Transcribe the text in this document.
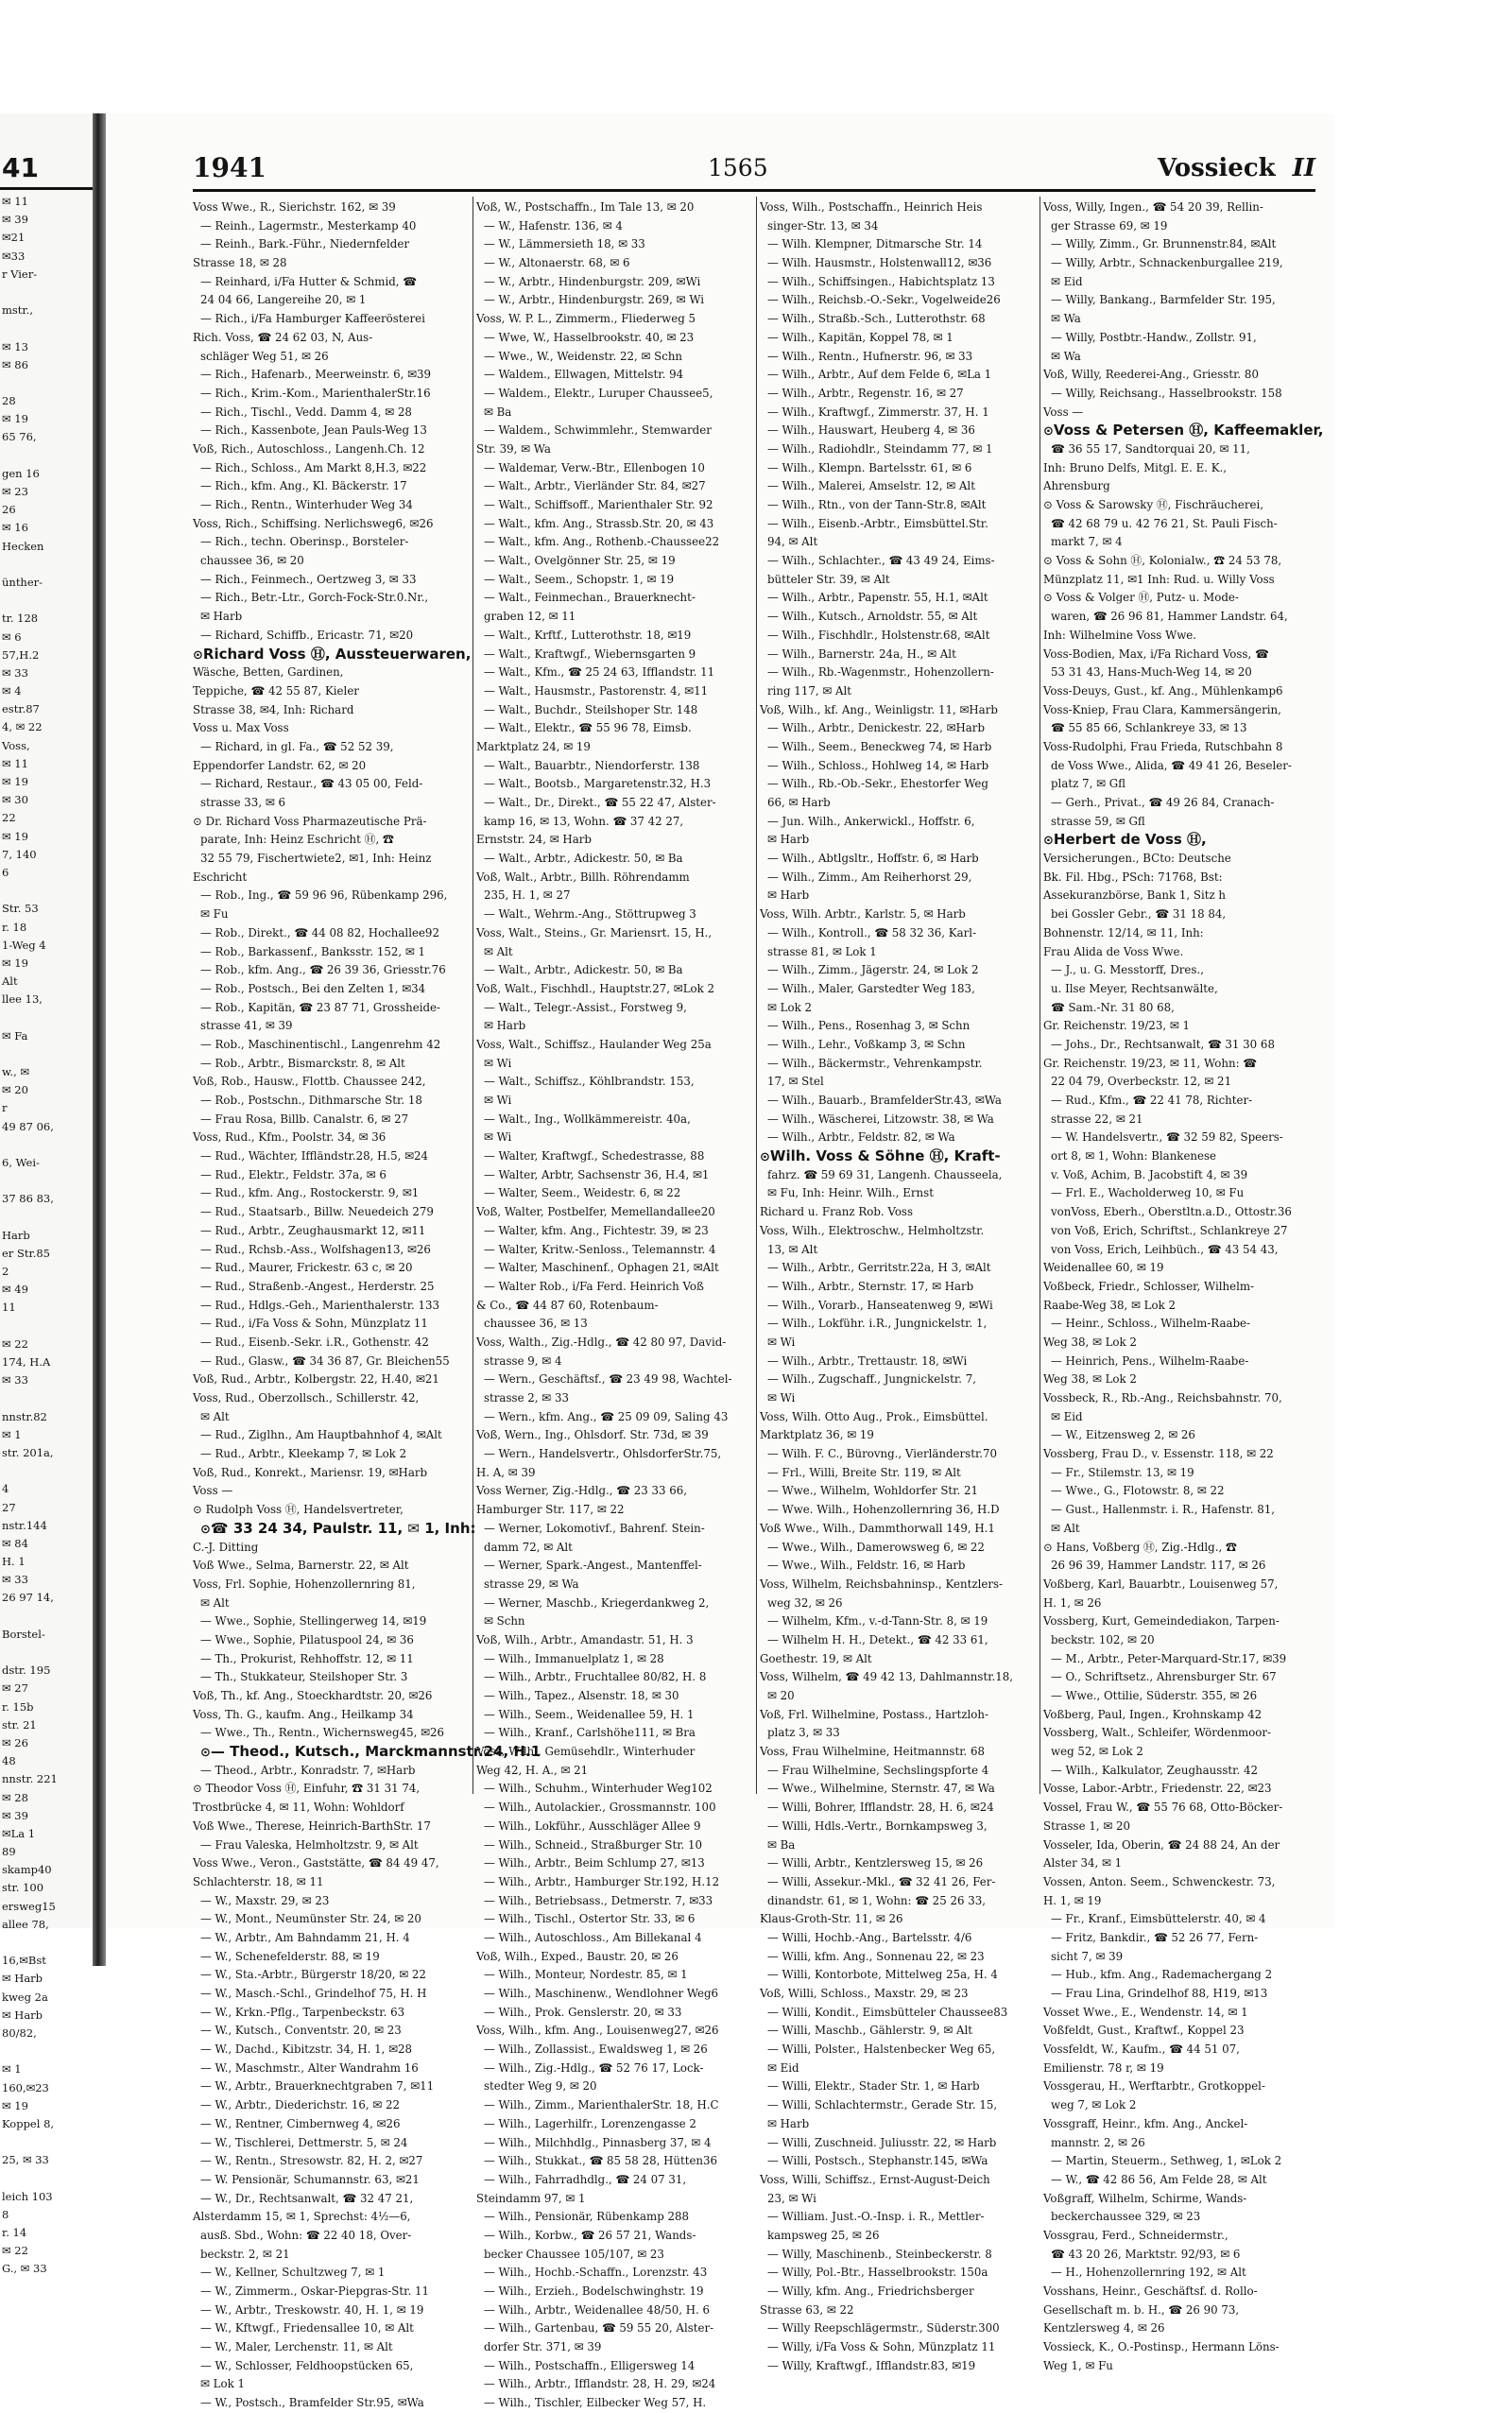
41
✉ 11
✉ 39
✉21
✉33
r Vier-
mstr.,
✉ 13
✉ 86
28
✉ 19
65 76,
gen 16
✉ 23
26
✉ 16
Hecken
ünther-
tr. 128
✉ 6
57,H.2
✉ 33
✉ 4
estr.87
4, ✉ 22
Voss,
✉ 11
✉ 19
✉ 30
22
✉ 19
7, 140
6
Str. 53
r. 18
1-Weg 4
✉ 19
Alt
llee 13,
✉ Fa
w., ✉
✉ 20
r
49 87 06,
6, Wei-
37 86 83,
Harb
er Str.85
2
✉ 49
11
✉ 22
174, H.A
✉ 33
nnstr.82
✉ 1
str. 201a,
4
27
nstr.144
✉ 84
H. 1
✉ 33
26 97 14,
Borstel-
dstr. 195
✉ 27
r. 15b
str. 21
✉ 26
48
nnstr. 221
✉ 28
✉ 39
✉La 1
89
skamp40
str. 100
ersweg15
allee 78,
16,✉Bst
✉ Harb
kweg 2a
✉ Harb
80/82,
✉ 1
160,✉23
✉ 19
Koppel 8,
25, ✉ 33
leich 103
8
r. 14
✉ 22
G., ✉ 33
1941	1565	Vossieck II
Voss Wwe., R., Sierichstr. 162, ✉ 39
— Reinh., Lagermstr., Mesterkamp 40
— Reinh., Bark.-Führ., Niedernfelder
Strasse 18, ✉ 28
— Reinhard, i/Fa Hutter & Schmid, ☎
24 04 66, Langereihe 20, ✉ 1
— Rich., i/Fa Hamburger Kaffeerösterei
Rich. Voss, ☎ 24 62 03, N, Aus-
schläger Weg 51, ✉ 26
— Rich., Hafenarb., Meerweinstr. 6, ✉39
— Rich., Krim.-Kom., MarienthalerStr.16
— Rich., Tischl., Vedd. Damm 4, ✉ 28
— Rich., Kassenbote, Jean Pauls-Weg 13
Voß, Rich., Autoschloss., Langenh.Ch. 12
— Rich., Schloss., Am Markt 8,H.3, ✉22
— Rich., kfm. Ang., Kl. Bäckerstr. 17
— Rich., Rentn., Winterhuder Weg 34
Voss, Rich., Schiffsing. Nerlichsweg6, ✉26
— Rich., techn. Oberinsp., Borsteler-
chaussee 36, ✉ 20
— Rich., Feinmech., Oertzweg 3, ✉ 33
— Rich., Betr.-Ltr., Gorch-Fock-Str.0.Nr.,
✉ Harb
— Richard, Schiffb., Ericastr. 71, ✉20
⊙ Richard Voss Ⓗ, Aussteuerwaren,
Wäsche, Betten, Gardinen,
Teppiche, ☎ 42 55 87, Kieler
Strasse 38, ✉4, Inh: Richard
Voss u. Max Voss
— Richard, in gl. Fa., ☎ 52 52 39,
Eppendorfer Landstr. 62, ✉ 20
— Richard, Restaur., ☎ 43 05 00, Feld-
strasse 33, ✉ 6
⊙ Dr. Richard Voss Pharmazeutische Prä-
parate, Inh: Heinz Eschricht Ⓗ, ☎
32 55 79, Fischertwiete2, ✉1, Inh: Heinz
Eschricht
— Rob., Ing., ☎ 59 96 96, Rübenkamp 296,
✉ Fu
— Rob., Direkt., ☎ 44 08 82, Hochallee92
— Rob., Barkassenf., Banksstr. 152, ✉ 1
— Rob., kfm. Ang., ☎ 26 39 36, Griesstr.76
— Rob., Postsch., Bei den Zelten 1, ✉34
— Rob., Kapitän, ☎ 23 87 71, Grossheide-
strasse 41, ✉ 39
— Rob., Maschinentischl., Langenrehm 42
— Rob., Arbtr., Bismarckstr. 8, ✉ Alt
Voß, Rob., Hausw., Flottb. Chaussee 242,
— Rob., Postschn., Dithmarsche Str. 18
— Frau Rosa, Billb. Canalstr. 6, ✉ 27
Voss, Rud., Kfm., Poolstr. 34, ✉ 36
— Rud., Wächter, Iffländstr.28, H.5, ✉24
— Rud., Elektr., Feldstr. 37a, ✉ 6
— Rud., kfm. Ang., Rostockerstr. 9, ✉1
— Rud., Staatsarb., Billw. Neuedeich 279
— Rud., Arbtr., Zeughausmarkt 12, ✉11
— Rud., Rchsb.-Ass., Wolfshagen13, ✉26
— Rud., Maurer, Frickestr. 63 c, ✉ 20
— Rud., Straßenb.-Angest., Herderstr. 25
— Rud., Hdlgs.-Geh., Marienthalerstr. 133
— Rud., i/Fa Voss & Sohn, Münzplatz 11
— Rud., Eisenb.-Sekr. i.R., Gothenstr. 42
— Rud., Glasw., ☎ 34 36 87, Gr. Bleichen55
Voß, Rud., Arbtr., Kolbergstr. 22, H.40, ✉21
Voss, Rud., Oberzollsch., Schillerstr. 42,
✉ Alt
— Rud., Ziglhn., Am Hauptbahnhof 4, ✉Alt
— Rud., Arbtr., Kleekamp 7, ✉ Lok 2
Voß, Rud., Konrekt., Mariensr. 19, ✉Harb
Voss —
⊙ Rudolph Voss Ⓗ, Handelsvertreter,
⊙ ☎ 33 24 34, Paulstr. 11, ✉ 1, Inh:
C.-J. Ditting
Voß Wwe., Selma, Barnerstr. 22, ✉ Alt
Voss, Frl. Sophie, Hohenzollernring 81,
✉ Alt
— Wwe., Sophie, Stellingerweg 14, ✉19
— Wwe., Sophie, Pilatuspool 24, ✉ 36
— Th., Prokurist, Rehhoffstr. 12, ✉ 11
— Th., Stukkateur, Steilshoper Str. 3
Voß, Th., kf. Ang., Stoeckhardtstr. 20, ✉26
Voss, Th. G., kaufm. Ang., Heilkamp 34
— Wwe., Th., Rentn., Wichernsweg45, ✉26
⊙ — Theod., Kutsch., Marckmannstr.24, H.1
— Theod., Arbtr., Konradstr. 7, ✉Harb
⊙ Theodor Voss Ⓗ, Einfuhr, ☎ 31 31 74,
Trostbrücke 4, ✉ 11, Wohn: Wohldorf
Voß Wwe., Therese, Heinrich-BarthStr. 17
— Frau Valeska, Helmholtzstr. 9, ✉ Alt
Voss Wwe., Veron., Gaststätte, ☎ 84 49 47,
Schlachterstr. 18, ✉ 11
— W., Maxstr. 29, ✉ 23
— W., Mont., Neumünster Str. 24, ✉ 20
— W., Arbtr., Am Bahndamm 21, H. 4
— W., Schenefelderstr. 88, ✉ 19
— W., Sta.-Arbtr., Bürgerstr 18/20, ✉ 22
— W., Masch.-Schl., Grindelhof 75, H. H
— W., Krkn.-Pflg., Tarpenbeckstr. 63
— W., Kutsch., Conventstr. 20, ✉ 23
— W., Dachd., Kibitzstr. 34, H. 1, ✉28
— W., Maschmstr., Alter Wandrahm 16
— W., Arbtr., Brauerknechtgraben 7, ✉11
— W., Arbtr., Diederichstr. 16, ✉ 22
— W., Rentner, Cimbernweg 4, ✉26
— W., Tischlerei, Dettmerstr. 5, ✉ 24
— W., Rentn., Stresowstr. 82, H. 2, ✉27
— W. Pensionär, Schumannstr. 63, ✉21
— W., Dr., Rechtsanwalt, ☎ 32 47 21,
Alsterdamm 15, ✉ 1, Sprechst: 4½—6,
ausß. Sbd., Wohn: ☎ 22 40 18, Over-
beckstr. 2, ✉ 21
— W., Kellner, Schultzweg 7, ✉ 1
— W., Zimmerm., Oskar-Piepgras-Str. 11
— W., Arbtr., Treskowstr. 40, H. 1, ✉ 19
— W., Kftwgf., Friedensallee 10, ✉ Alt
— W., Maler, Lerchenstr. 11, ✉ Alt
— W., Schlosser, Feldhoopstücken 65,
✉ Lok 1
— W., Postsch., Bramfelder Str.95, ✉Wa
Voß, W., Postschaffn., Im Tale 13, ✉ 20
— W., Hafenstr. 136, ✉ 4
— W., Lämmersieth 18, ✉ 33
— W., Altonaerstr. 68, ✉ 6
— W., Arbtr., Hindenburgstr. 209, ✉Wi
— W., Arbtr., Hindenburgstr. 269, ✉ Wi
Voss, W. P. L., Zimmerm., Fliederweg 5
— Wwe, W., Hasselbrookstr. 40, ✉ 23
— Wwe., W., Weidenstr. 22, ✉ Schn
— Waldem., Ellwagen, Mittelstr. 94
— Waldem., Elektr., Luruper Chaussee5,
✉ Ba
— Waldem., Schwimmlehr., Stemwarder
Str. 39, ✉ Wa
— Waldemar, Verw.-Btr., Ellenbogen 10
— Walt., Arbtr., Vierländer Str. 84, ✉27
— Walt., Schiffsoff., Marienthaler Str. 92
— Walt., kfm. Ang., Strassb.Str. 20, ✉ 43
— Walt., kfm. Ang., Rothenb.-Chaussee22
— Walt., Ovelgönner Str. 25, ✉ 19
— Walt., Seem., Schopstr. 1, ✉ 19
— Walt., Feinmechan., Brauerknecht-
graben 12, ✉ 11
— Walt., Krftf., Lutterothstr. 18, ✉19
— Walt., Kraftwgf., Wiebernsgarten 9
— Walt., Kfm., ☎ 25 24 63, Ifflandstr. 11
— Walt., Hausmstr., Pastorenstr. 4, ✉11
— Walt., Buchdr., Steilshoper Str. 148
— Walt., Elektr., ☎ 55 96 78, Eimsb.
Marktplatz 24, ✉ 19
— Walt., Bauarbtr., Niendorferstr. 138
— Walt., Bootsb., Margaretenstr.32, H.3
— Walt., Dr., Direkt., ☎ 55 22 47, Alster-
kamp 16, ✉ 13, Wohn. ☎ 37 42 27,
Ernststr. 24, ✉ Harb
— Walt., Arbtr., Adickestr. 50, ✉ Ba
Voß, Walt., Arbtr., Billh. Röhrendamm
235, H. 1, ✉ 27
— Walt., Wehrm.-Ang., Stöttrupweg 3
Voss, Walt., Steins., Gr. Mariensrt. 15, H.,
✉ Alt
— Walt., Arbtr., Adickestr. 50, ✉ Ba
Voß, Walt., Fischhdl., Hauptstr.27, ✉Lok 2
— Walt., Telegr.-Assist., Forstweg 9,
✉ Harb
Voss, Walt., Schiffsz., Haulander Weg 25a
✉ Wi
— Walt., Schiffsz., Köhlbrandstr. 153,
✉ Wi
— Walt., Ing., Wollkämmereistr. 40a,
✉ Wi
— Walter, Kraftwgf., Schedestrasse, 88
— Walter, Arbtr, Sachsenstr 36, H.4, ✉1
— Walter, Seem., Weidestr. 6, ✉ 22
Voß, Walter, Postbelfer, Memellandallee20
— Walter, kfm. Ang., Fichtestr. 39, ✉ 23
— Walter, Kritw.-Senloss., Telemannstr. 4
— Walter, Maschinenf., Ophagen 21, ✉Alt
— Walter Rob., i/Fa Ferd. Heinrich Voß
& Co., ☎ 44 87 60, Rotenbaum-
chaussee 36, ✉ 13
Voss, Walth., Zig.-Hdlg., ☎ 42 80 97, David-
strasse 9, ✉ 4
— Wern., Geschäftsf., ☎ 23 49 98, Wachtel-
strasse 2, ✉ 33
— Wern., kfm. Ang., ☎ 25 09 09, Saling 43
Voß, Wern., Ing., Ohlsdorf. Str. 73d, ✉ 39
— Wern., Handelsvertr., OhlsdorferStr.75,
H. A, ✉ 39
Voss Werner, Zig.-Hdlg., ☎ 23 33 66,
Hamburger Str. 117, ✉ 22
— Werner, Lokomotivf., Bahrenf. Stein-
damm 72, ✉ Alt
— Werner, Spark.-Angest., Mantenffel-
strasse 29, ✉ Wa
— Werner, Maschb., Kriegerdankweg 2,
✉ Schn
Voß, Wilh., Arbtr., Amandastr. 51, H. 3
— Wilh., Immanuelplatz 1, ✉ 28
— Wilh., Arbtr., Fruchtallee 80/82, H. 8
— Wilh., Tapez., Alsenstr. 18, ✉ 30
— Wilh., Seem., Weidenallee 59, H. 1
— Wilh., Kranf., Carlshöhe111, ✉ Bra
Voss, Wilh., Gemüsehdlr., Winterhuder
Weg 42, H. A., ✉ 21
— Wilh., Schuhm., Winterhuder Weg102
— Wilh., Autolackier., Grossmannstr. 100
— Wilh., Lokführ., Ausschläger Allee 9
— Wilh., Schneid., Straßburger Str. 10
— Wilh., Arbtr., Beim Schlump 27, ✉13
— Wilh., Arbtr., Hamburger Str.192, H.12
— Wilh., Betriebsass., Detmerstr. 7, ✉33
— Wilh., Tischl., Ostertor Str. 33, ✉ 6
— Wilh., Autoschloss., Am Billekanal 4
Voß, Wilh., Exped., Baustr. 20, ✉ 26
— Wilh., Monteur, Nordestr. 85, ✉ 1
— Wilh., Maschinenw., Wendlohner Weg6
— Wilh., Prok. Genslerstr. 20, ✉ 33
Voss, Wilh., kfm. Ang., Louisenweg27, ✉26
— Wilh., Zollassist., Ewaldsweg 1, ✉ 26
— Wilh., Zig.-Hdlg., ☎ 52 76 17, Lock-
stedter Weg 9, ✉ 20
— Wilh., Zimm., MarienthalerStr. 18, H.C
— Wilh., Lagerhilfr., Lorenzengasse 2
— Wilh., Milchhdlg., Pinnasberg 37, ✉ 4
— Wilh., Stukkat., ☎ 85 58 28, Hütten36
— Wilh., Fahrradhdlg., ☎ 24 07 31,
Steindamm 97, ✉ 1
— Wilh., Pensionär, Rübenkamp 288
— Wilh., Korbw., ☎ 26 57 21, Wands-
becker Chaussee 105/107, ✉ 23
— Wilh., Hochb.-Schaffn., Lorenzstr. 43
— Wilh., Erzieh., Bodelschwinghstr. 19
— Wilh., Arbtr., Weidenallee 48/50, H. 6
— Wilh., Gartenbau, ☎ 59 55 20, Alster-
dorfer Str. 371, ✉ 39
— Wilh., Postschaffn., Elligersweg 14
— Wilh., Arbtr., Ifflandstr. 28, H. 29, ✉24
— Wilh., Tischler, Eilbecker Weg 57, H.
Voss, Wilh., Postschaffn., Heinrich Heis
singer-Str. 13, ✉ 34
— Wilh. Klempner, Ditmarsche Str. 14
— Wilh. Hausmstr., Holstenwall12, ✉36
— Wilh., Schiffsingen., Habichtsplatz 13
— Wilh., Reichsb.-O.-Sekr., Vogelweide26
— Wilh., Straßb.-Sch., Lutterothstr. 68
— Wilh., Kapitän, Koppel 78, ✉ 1
— Wilh., Rentn., Hufnerstr. 96, ✉ 33
— Wilh., Arbtr., Auf dem Felde 6, ✉La 1
— Wilh., Arbtr., Regenstr. 16, ✉ 27
— Wilh., Kraftwgf., Zimmerstr. 37, H. 1
— Wilh., Hauswart, Heuberg 4, ✉ 36
— Wilh., Radiohdlr., Steindamm 77, ✉ 1
— Wilh., Klempn. Bartelsstr. 61, ✉ 6
— Wilh., Malerei, Amselstr. 12, ✉ Alt
— Wilh., Rtn., von der Tann-Str.8, ✉Alt
— Wilh., Eisenb.-Arbtr., Eimsbüttel.Str.
94, ✉ Alt
— Wilh., Schlachter., ☎ 43 49 24, Eims-
bütteler Str. 39, ✉ Alt
— Wilh., Arbtr., Papenstr. 55, H.1, ✉Alt
— Wilh., Kutsch., Arnoldstr. 55, ✉ Alt
— Wilh., Fischhdlr., Holstenstr.68, ✉Alt
— Wilh., Barnerstr. 24a, H., ✉ Alt
— Wilh., Rb.-Wagenmstr., Hohenzollern-
ring 117, ✉ Alt
Voß, Wilh., kf. Ang., Weinligstr. 11, ✉Harb
— Wilh., Arbtr., Denickestr. 22, ✉Harb
— Wilh., Seem., Beneckweg 74, ✉ Harb
— Wilh., Schloss., Hohlweg 14, ✉ Harb
— Wilh., Rb.-Ob.-Sekr., Ehestorfer Weg
66, ✉ Harb
— Jun. Wilh., Ankerwickl., Hoffstr. 6,
✉ Harb
— Wilh., Abtlgsltr., Hoffstr. 6, ✉ Harb
— Wilh., Zimm., Am Reiherhorst 29,
✉ Harb
Voss, Wilh. Arbtr., Karlstr. 5, ✉ Harb
— Wilh., Kontroll., ☎ 58 32 36, Karl-
strasse 81, ✉ Lok 1
— Wilh., Zimm., Jägerstr. 24, ✉ Lok 2
— Wilh., Maler, Garstedter Weg 183,
✉ Lok 2
— Wilh., Pens., Rosenhag 3, ✉ Schn
— Wilh., Lehr., Voßkamp 3, ✉ Schn
— Wilh., Bäckermstr., Vehrenkampstr.
17, ✉ Stel
— Wilh., Bauarb., BramfelderStr.43, ✉Wa
— Wilh., Wäscherei, Litzowstr. 38, ✉ Wa
— Wilh., Arbtr., Feldstr. 82, ✉ Wa
⊙ Wilh. Voss & Söhne Ⓗ, Kraft-
fahrz. ☎ 59 69 31, Langenh. Chausseela,
✉ Fu, Inh: Heinr. Wilh., Ernst
Richard u. Franz Rob. Voss
Voss, Wilh., Elektroschw., Helmholtzstr.
13, ✉ Alt
— Wilh., Arbtr., Gerritstr.22a, H 3, ✉Alt
— Wilh., Arbtr., Sternstr. 17, ✉ Harb
— Wilh., Vorarb., Hanseatenweg 9, ✉Wi
— Wilh., Lokführ. i.R., Jungnickelstr. 1,
✉ Wi
— Wilh., Arbtr., Trettaustr. 18, ✉Wi
— Wilh., Zugschaff., Jungnickelstr. 7,
✉ Wi
Voss, Wilh. Otto Aug., Prok., Eimsbüttel.
Marktplatz 36, ✉ 19
— Wilh. F. C., Bürovng., Vierländerstr.70
— Frl., Willi, Breite Str. 119, ✉ Alt
— Wwe., Wilhelm, Wohldorfer Str. 21
— Wwe. Wilh., Hohenzollernring 36, H.D
Voß Wwe., Wilh., Dammthorwall 149, H.1
— Wwe., Wilh., Damerowsweg 6, ✉ 22
— Wwe., Wilh., Feldstr. 16, ✉ Harb
Voss, Wilhelm, Reichsbahninsp., Kentzlers-
weg 32, ✉ 26
— Wilhelm, Kfm., v.-d-Tann-Str. 8, ✉ 19
— Wilhelm H. H., Detekt., ☎ 42 33 61,
Goethestr. 19, ✉ Alt
Voss, Wilhelm, ☎ 49 42 13, Dahlmannstr.18,
✉ 20
Voß, Frl. Wilhelmine, Postass., Hartzloh-
platz 3, ✉ 33
Voss, Frau Wilhelmine, Heitmannstr. 68
— Frau Wilhelmine, Sechslingspforte 4
— Wwe., Wilhelmine, Sternstr. 47, ✉ Wa
— Willi, Bohrer, Ifflandstr. 28, H. 6, ✉24
— Willi, Hdls.-Vertr., Bornkampsweg 3,
✉ Ba
— Willi, Arbtr., Kentzlersweg 15, ✉ 26
— Willi, Assekur.-Mkl., ☎ 32 41 26, Fer-
dinandstr. 61, ✉ 1, Wohn: ☎ 25 26 33,
Klaus-Groth-Str. 11, ✉ 26
— Willi, Hochb.-Ang., Bartelsstr. 4/6
— Willi, kfm. Ang., Sonnenau 22, ✉ 23
— Willi, Kontorbote, Mittelweg 25a, H. 4
Voß, Willi, Schloss., Maxstr. 29, ✉ 23
— Willi, Kondit., Eimsbütteler Chaussee83
— Willi, Maschb., Gählerstr. 9, ✉ Alt
— Willi, Polster., Halstenbecker Weg 65,
✉ Eid
— Willi, Elektr., Stader Str. 1, ✉ Harb
— Willi, Schlachtermstr., Gerade Str. 15,
✉ Harb
— Willi, Zuschneid. Juliusstr. 22, ✉ Harb
— Willi, Postsch., Stephanstr.145, ✉Wa
Voss, Willi, Schiffsz., Ernst-August-Deich
23, ✉ Wi
— William. Just.-O.-Insp. i. R., Mettler-
kampsweg 25, ✉ 26
— Willy, Maschinenb., Steinbeckerstr. 8
— Willy, Pol.-Btr., Hasselbrookstr. 150a
— Willy, kfm. Ang., Friedrichsberger
Strasse 63, ✉ 22
— Willy Reepschlägermstr., Süderstr.300
— Willy, i/Fa Voss & Sohn, Münzplatz 11
— Willy, Kraftwgf., Ifflandstr.83, ✉19
Voss, Willy, Ingen., ☎ 54 20 39, Rellin-
ger Strasse 69, ✉ 19
— Willy, Zimm., Gr. Brunnenstr.84, ✉Alt
— Willy, Arbtr., Schnackenburgallee 219,
✉ Eid
— Willy, Bankang., Barmfelder Str. 195,
✉ Wa
— Willy, Postbtr.-Handw., Zollstr. 91,
✉ Wa
Voß, Willy, Reederei-Ang., Griesstr. 80
— Willy, Reichsang., Hasselbrookstr. 158
Voss —
⊙ Voss & Petersen Ⓗ, Kaffeemakler,
☎ 36 55 17, Sandtorquai 20, ✉ 11,
Inh: Bruno Delfs, Mitgl. E. E. K.,
Ahrensburg
⊙ Voss & Sarowsky Ⓗ, Fischräucherei,
☎ 42 68 79 u. 42 76 21, St. Pauli Fisch-
markt 7, ✉ 4
⊙ Voss & Sohn Ⓗ, Kolonialw., ☎ 24 53 78,
Münzplatz 11, ✉1 Inh: Rud. u. Willy Voss
⊙ Voss & Volger Ⓗ, Putz- u. Mode-
waren, ☎ 26 96 81, Hammer Landstr. 64,
Inh: Wilhelmine Voss Wwe.
Voss-Bodien, Max, i/Fa Richard Voss, ☎
53 31 43, Hans-Much-Weg 14, ✉ 20
Voss-Deuys, Gust., kf. Ang., Mühlenkamp6
Voss-Kniep, Frau Clara, Kammersängerin,
☎ 55 85 66, Schlankreye 33, ✉ 13
Voss-Rudolphi, Frau Frieda, Rutschbahn 8
de Voss Wwe., Alida, ☎ 49 41 26, Beseler-
platz 7, ✉ Gfl
— Gerh., Privat., ☎ 49 26 84, Cranach-
strasse 59, ✉ Gfl
⊙ Herbert de Voss Ⓗ,
Versicherungen., BCto: Deutsche
Bk. Fil. Hbg., PSch: 71768, Bst:
Assekuranzbörse, Bank 1, Sitz h
bei Gossler Gebr., ☎ 31 18 84,
Bohnenstr. 12/14, ✉ 11, Inh:
Frau Alida de Voss Wwe.
— J., u. G. Messtorff, Dres.,
u. Ilse Meyer, Rechtsanwälte,
☎ Sam.-Nr. 31 80 68,
Gr. Reichenstr. 19/23, ✉ 1
— Johs., Dr., Rechtsanwalt, ☎ 31 30 68
Gr. Reichenstr. 19/23, ✉ 11, Wohn: ☎
22 04 79, Overbeckstr. 12, ✉ 21
— Rud., Kfm., ☎ 22 41 78, Richter-
strasse 22, ✉ 21
— W. Handelsvertr., ☎ 32 59 82, Speers-
ort 8, ✉ 1, Wohn: Blankenese
v. Voß, Achim, B. Jacobstift 4, ✉ 39
— Frl. E., Wacholderweg 10, ✉ Fu
vonVoss, Eberh., Oberstltn.a.D., Ottostr.36
von Voß, Erich, Schriftst., Schlankreye 27
von Voss, Erich, Leihbüch., ☎ 43 54 43,
Weidenallee 60, ✉ 19
Voßbeck, Friedr., Schlosser, Wilhelm-
Raabe-Weg 38, ✉ Lok 2
— Heinr., Schloss., Wilhelm-Raabe-
Weg 38, ✉ Lok 2
— Heinrich, Pens., Wilhelm-Raabe-
Weg 38, ✉ Lok 2
Vossbeck, R., Rb.-Ang., Reichsbahnstr. 70,
✉ Eid
— W., Eitzensweg 2, ✉ 26
Vossberg, Frau D., v. Essenstr. 118, ✉ 22
— Fr., Stilemstr. 13, ✉ 19
— Wwe., G., Flotowstr. 8, ✉ 22
— Gust., Hallenmstr. i. R., Hafenstr. 81,
✉ Alt
⊙ Hans, Voßberg Ⓗ, Zig.-Hdlg., ☎
26 96 39, Hammer Landstr. 117, ✉ 26
Voßberg, Karl, Bauarbtr., Louisenweg 57,
H. 1, ✉ 26
Vossberg, Kurt, Gemeindediakon, Tarpen-
beckstr. 102, ✉ 20
— M., Arbtr., Peter-Marquard-Str.17, ✉39
— O., Schriftsetz., Ahrensburger Str. 67
— Wwe., Ottilie, Süderstr. 355, ✉ 26
Voßberg, Paul, Ingen., Krohnskamp 42
Vossberg, Walt., Schleifer, Wördenmoor-
weg 52, ✉ Lok 2
— Wilh., Kalkulator, Zeughausstr. 42
Vosse, Labor.-Arbtr., Friedenstr. 22, ✉23
Vossel, Frau W., ☎ 55 76 68, Otto-Böcker-
Strasse 1, ✉ 20
Vosseler, Ida, Oberin, ☎ 24 88 24, An der
Alster 34, ✉ 1
Vossen, Anton. Seem., Schwenckestr. 73,
H. 1, ✉ 19
— Fr., Kranf., Eimsbüttelerstr. 40, ✉ 4
— Fritz, Bankdir., ☎ 52 26 77, Fern-
sicht 7, ✉ 39
— Hub., kfm. Ang., Rademachergang 2
— Frau Lina, Grindelhof 88, H19, ✉13
Vosset Wwe., E., Wendenstr. 14, ✉ 1
Voßfeldt, Gust., Kraftwf., Koppel 23
Vossfeldt, W., Kaufm., ☎ 44 51 07,
Emilienstr. 78 r, ✉ 19
Vossgerau, H., Werftarbtr., Grotkoppel-
weg 7, ✉ Lok 2
Vossgraff, Heinr., kfm. Ang., Anckel-
mannstr. 2, ✉ 26
— Martin, Steuerm., Sethweg, 1, ✉Lok 2
— W., ☎ 42 86 56, Am Felde 28, ✉ Alt
Voßgraff, Wilhelm, Schirme, Wands-
beckerchaussee 329, ✉ 23
Vossgrau, Ferd., Schneidermstr.,
☎ 43 20 26, Marktstr. 92/93, ✉ 6
— H., Hohenzollernring 192, ✉ Alt
Vosshans, Heinr., Geschäftsf. d. Rollo-
Gesellschaft m. b. H., ☎ 26 90 73,
Kentzlersweg 4, ✉ 26
Vossieck, K., O.-Postinsp., Hermann Löns-
Weg 1, ✉ Fu
